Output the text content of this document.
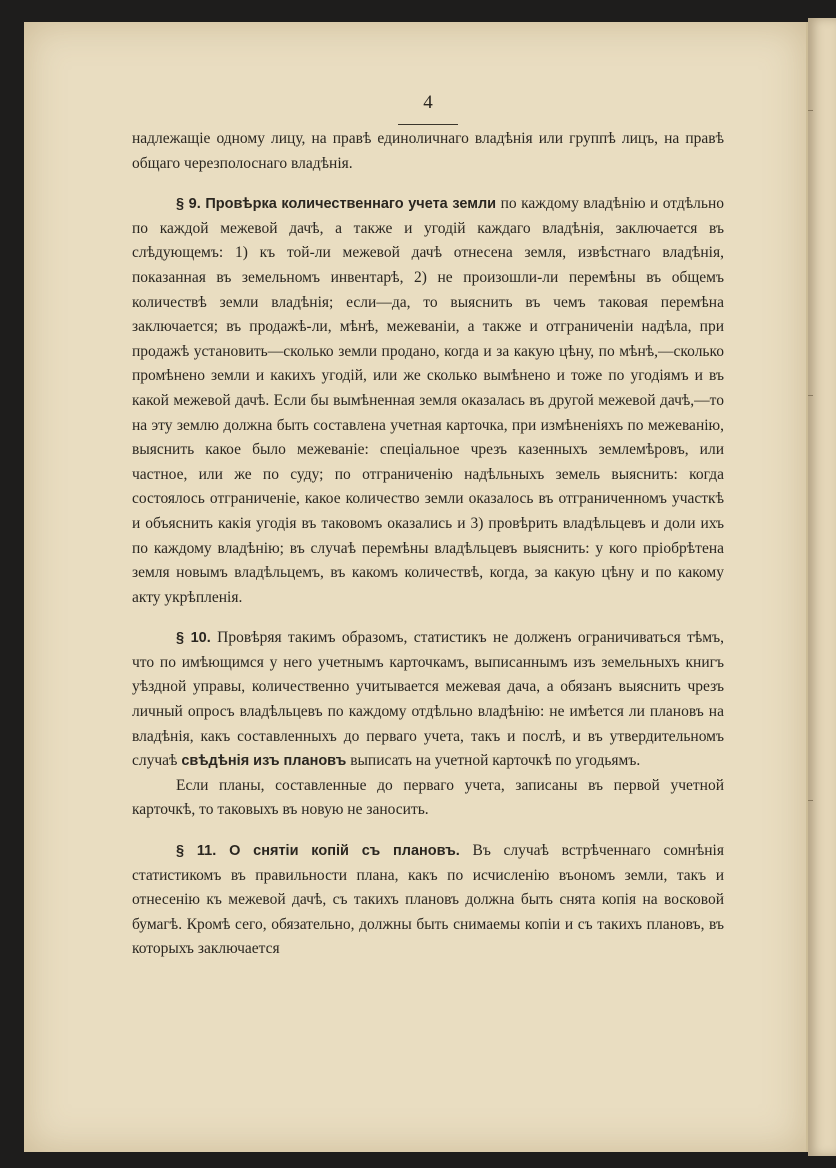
4

надлежащіе одному лицу, на правѣ единоличнаго владѣнія или группѣ лицъ, на правѣ общаго черезполоснаго владѣнія.

§ 9. Провѣрка количественнаго учета земли по каждому владѣнію и отдѣльно по каждой межевой дачѣ, а также и угодій каждаго владѣнія, заключается въ слѣдующемъ: 1) къ той-ли межевой дачѣ отнесена земля, извѣстнаго владѣнія, показанная въ земельномъ инвентарѣ, 2) не произошли-ли перемѣны въ общемъ количествѣ земли владѣнія; если—да, то выяснить въ чемъ таковая перемѣна заключается; въ продажѣ-ли, мѣнѣ, межеваніи, а также и отграниченіи надѣла, при продажѣ установить—сколько земли продано, когда и за какую цѣну, по мѣнѣ,—сколько промѣнено земли и какихъ угодій, или же сколько вымѣнено и тоже по угодіямъ и въ какой межевой дачѣ. Если бы вымѣненная земля оказалась въ другой межевой дачѣ,—то на эту землю должна быть составлена учетная карточка, при измѣненіяхъ по межеванію, выяснить какое было межеваніе: спеціальное чрезъ казенныхъ землемѣровъ, или частное, или же по суду; по отграниченію надѣльныхъ земель выяснить: когда состоялось отграниченіе, какое количество земли оказалось въ отграниченномъ участкѣ и объяснить какія угодія въ таковомъ оказались и 3) провѣрить владѣльцевъ и доли ихъ по каждому владѣнію; въ случаѣ перемѣны владѣльцевъ выяснить: у кого пріобрѣтена земля новымъ владѣльцемъ, въ какомъ количествѣ, когда, за какую цѣну и по какому акту укрѣпленія.

§ 10. Провѣряя такимъ образомъ, статистикъ не долженъ ограничиваться тѣмъ, что по имѣющимся у него учетнымъ карточкамъ, выписаннымъ изъ земельныхъ книгъ уѣздной управы, количественно учитывается межевая дача, а обязанъ выяснить чрезъ личный опросъ владѣльцевъ по каждому отдѣльно владѣнію: не имѣется ли плановъ на владѣнія, какъ составленныхъ до перваго учета, такъ и послѣ, и въ утвердительномъ случаѣ свѣдѣнія изъ плановъ выписать на учетной карточкѣ по угодьямъ.

Если планы, составленные до перваго учета, записаны въ первой учетной карточкѣ, то таковыхъ въ новую не заносить.

§ 11. О снятіи копій съ плановъ. Въ случаѣ встрѣченнаго сомнѣнія статистикомъ въ правильности плана, какъ по исчисленію въономъ земли, такъ и отнесенію къ межевой дачѣ, съ такихъ плановъ должна быть снята копія на восковой бумагѣ. Кромѣ сего, обязательно, должны быть снимаемы копіи и съ такихъ плановъ, въ которыхъ заключается
